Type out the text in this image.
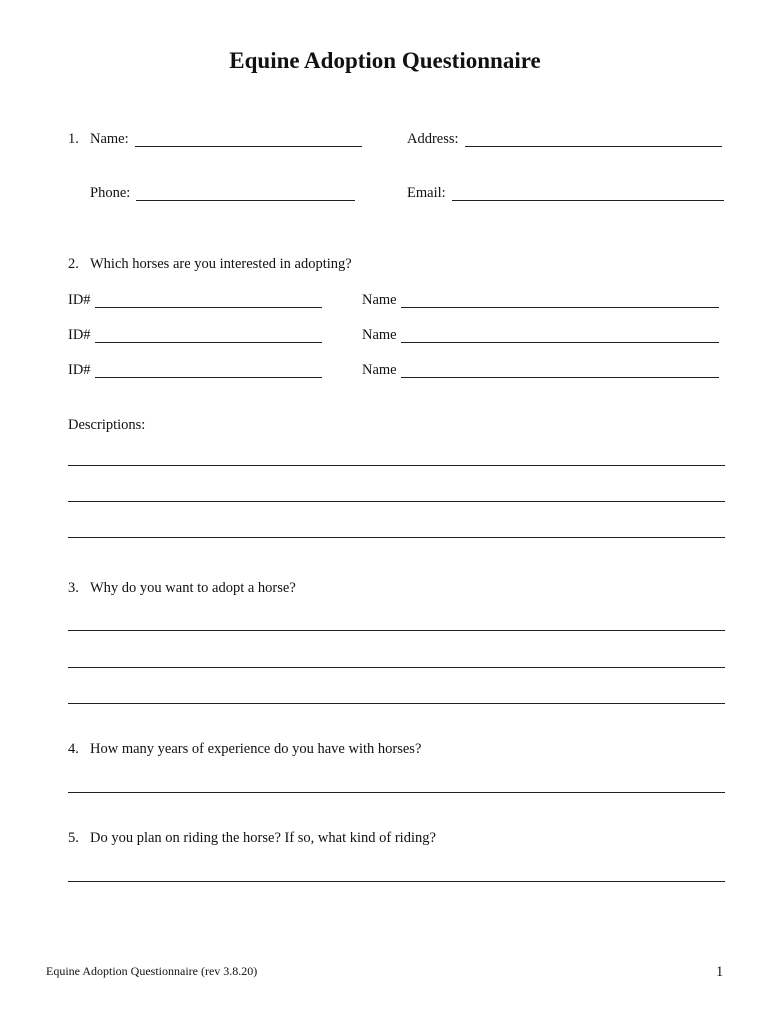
Equine Adoption Questionnaire
1. Name:	Address:
Phone:	Email:
2. Which horses are you interested in adopting?
ID#	Name
ID#	Name
ID#	Name
Descriptions:
3. Why do you want to adopt a horse?
4. How many years of experience do you have with horses?
5. Do you plan on riding the horse? If so, what kind of riding?
Equine Adoption Questionnaire (rev 3.8.20)	1
